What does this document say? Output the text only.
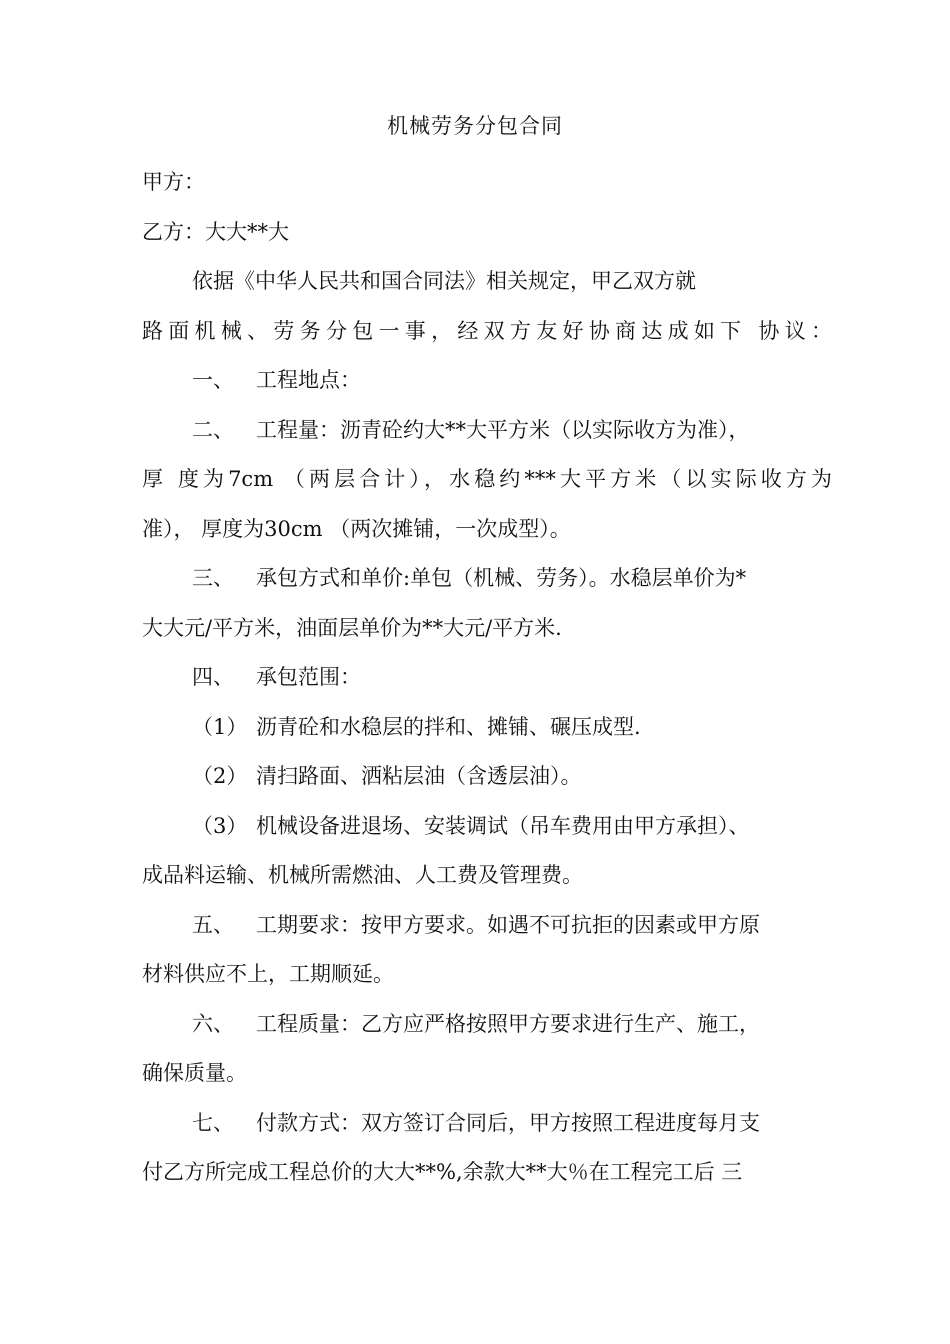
机械劳务分包合同
甲方：
乙方：大大**大
依据《中华人民共和国合同法》相关规定，甲乙双方就
路面机械、劳务分包一事，经双方友好协商达成如下 协议：
一、 工程地点：
二、 工程量：沥青砼约大**大平方米（以实际收方为准），
厚 度为7cm （两层合计），水稳约***大平方米（以实际收方为
准）， 厚度为30cm （两次摊铺，一次成型）。
三、 承包方式和单价:单包（机械、劳务）。水稳层单价为*
大大元/平方米，油面层单价为**大元/平方米.
四、 承包范围：
（1） 沥青砼和水稳层的拌和、摊铺、碾压成型.
（2） 清扫路面、洒粘层油（含透层油）。
（3） 机械设备进退场、安装调试（吊车费用由甲方承担）、
成品料运输、机械所需燃油、人工费及管理费。
五、 工期要求：按甲方要求。如遇不可抗拒的因素或甲方原
材料供应不上，工期顺延。
六、 工程质量：乙方应严格按照甲方要求进行生产、施工，
确保质量。
七、 付款方式：双方签订合同后，甲方按照工程进度每月支
付乙方所完成工程总价的大大**%,余款大**大％在工程完工后 三
